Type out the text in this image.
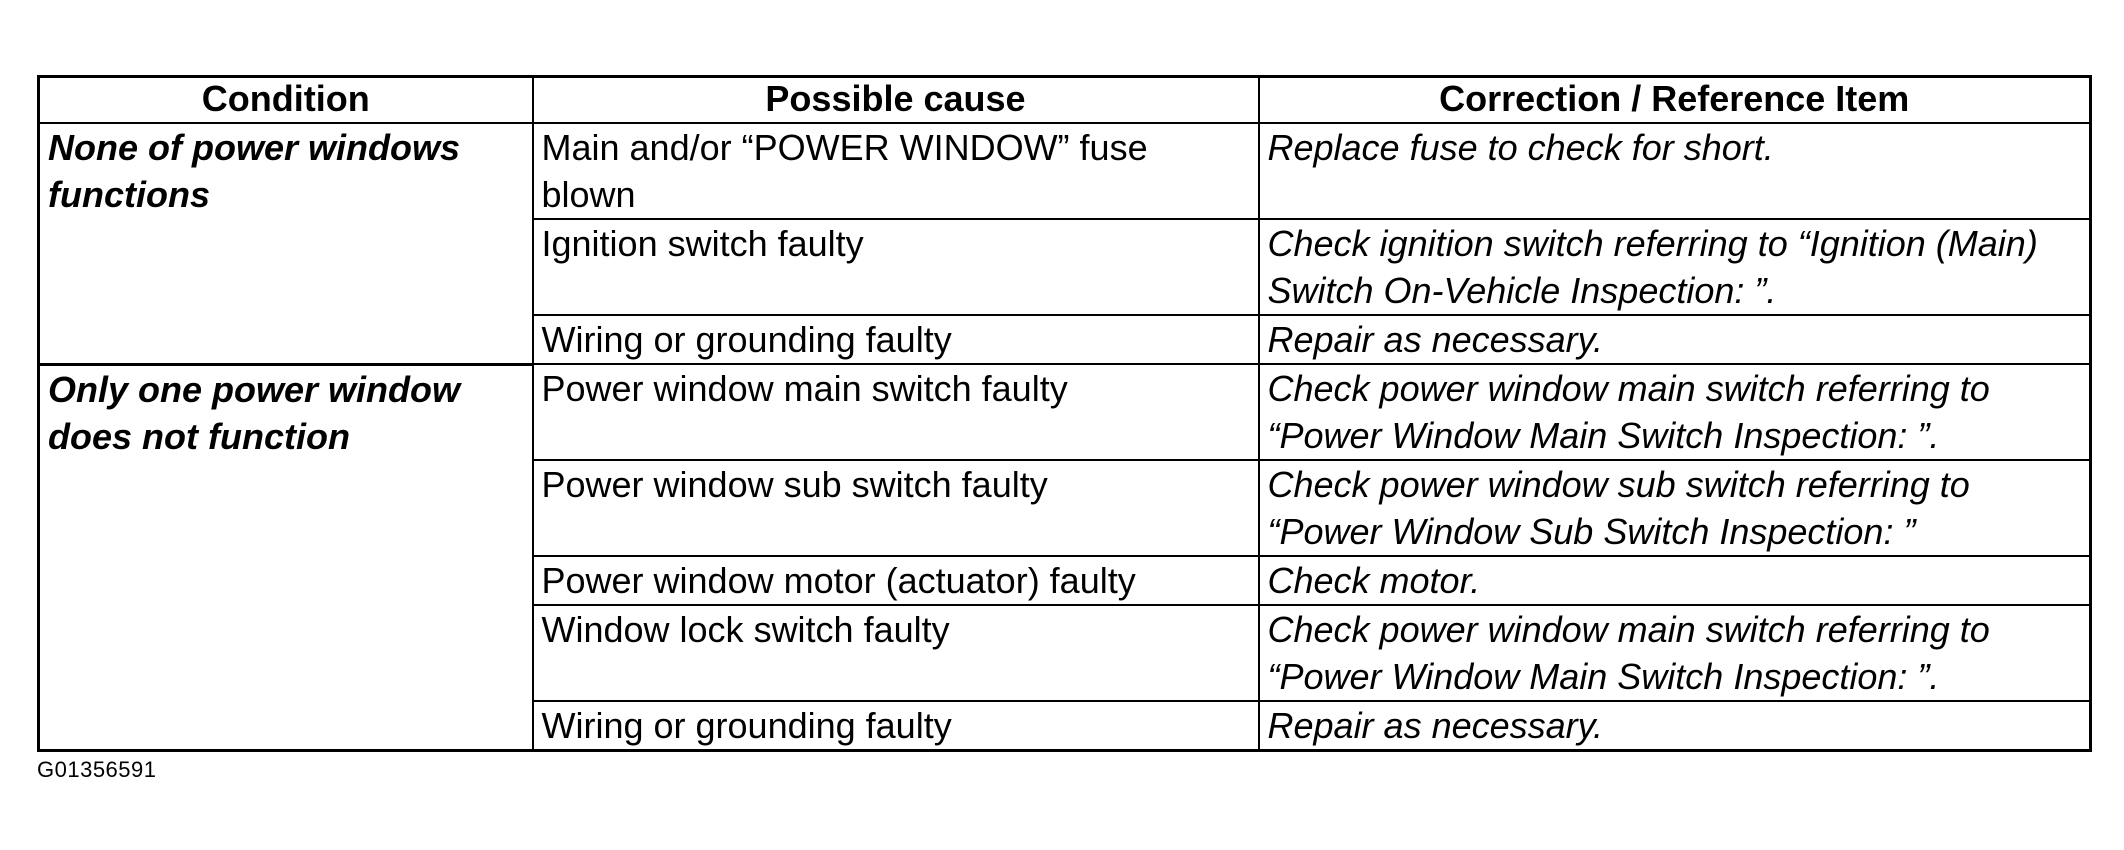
Condition	Possible cause	Correction / Reference Item
None of power windows functions	Main and/or “POWER WINDOW” fuse blown	Replace fuse to check for short.
	Ignition switch faulty	Check ignition switch referring to “Ignition (Main) Switch On-Vehicle Inspection: ”.
	Wiring or grounding faulty	Repair as necessary.
Only one power window does not function	Power window main switch faulty	Check power window main switch referring to “Power Window Main Switch Inspection: ”.
	Power window sub switch faulty	Check power window sub switch referring to “Power Window Sub Switch Inspection: ”
	Power window motor (actuator) faulty	Check motor.
	Window lock switch faulty	Check power window main switch referring to “Power Window Main Switch Inspection: ”.
	Wiring or grounding faulty	Repair as necessary.
G01356591
